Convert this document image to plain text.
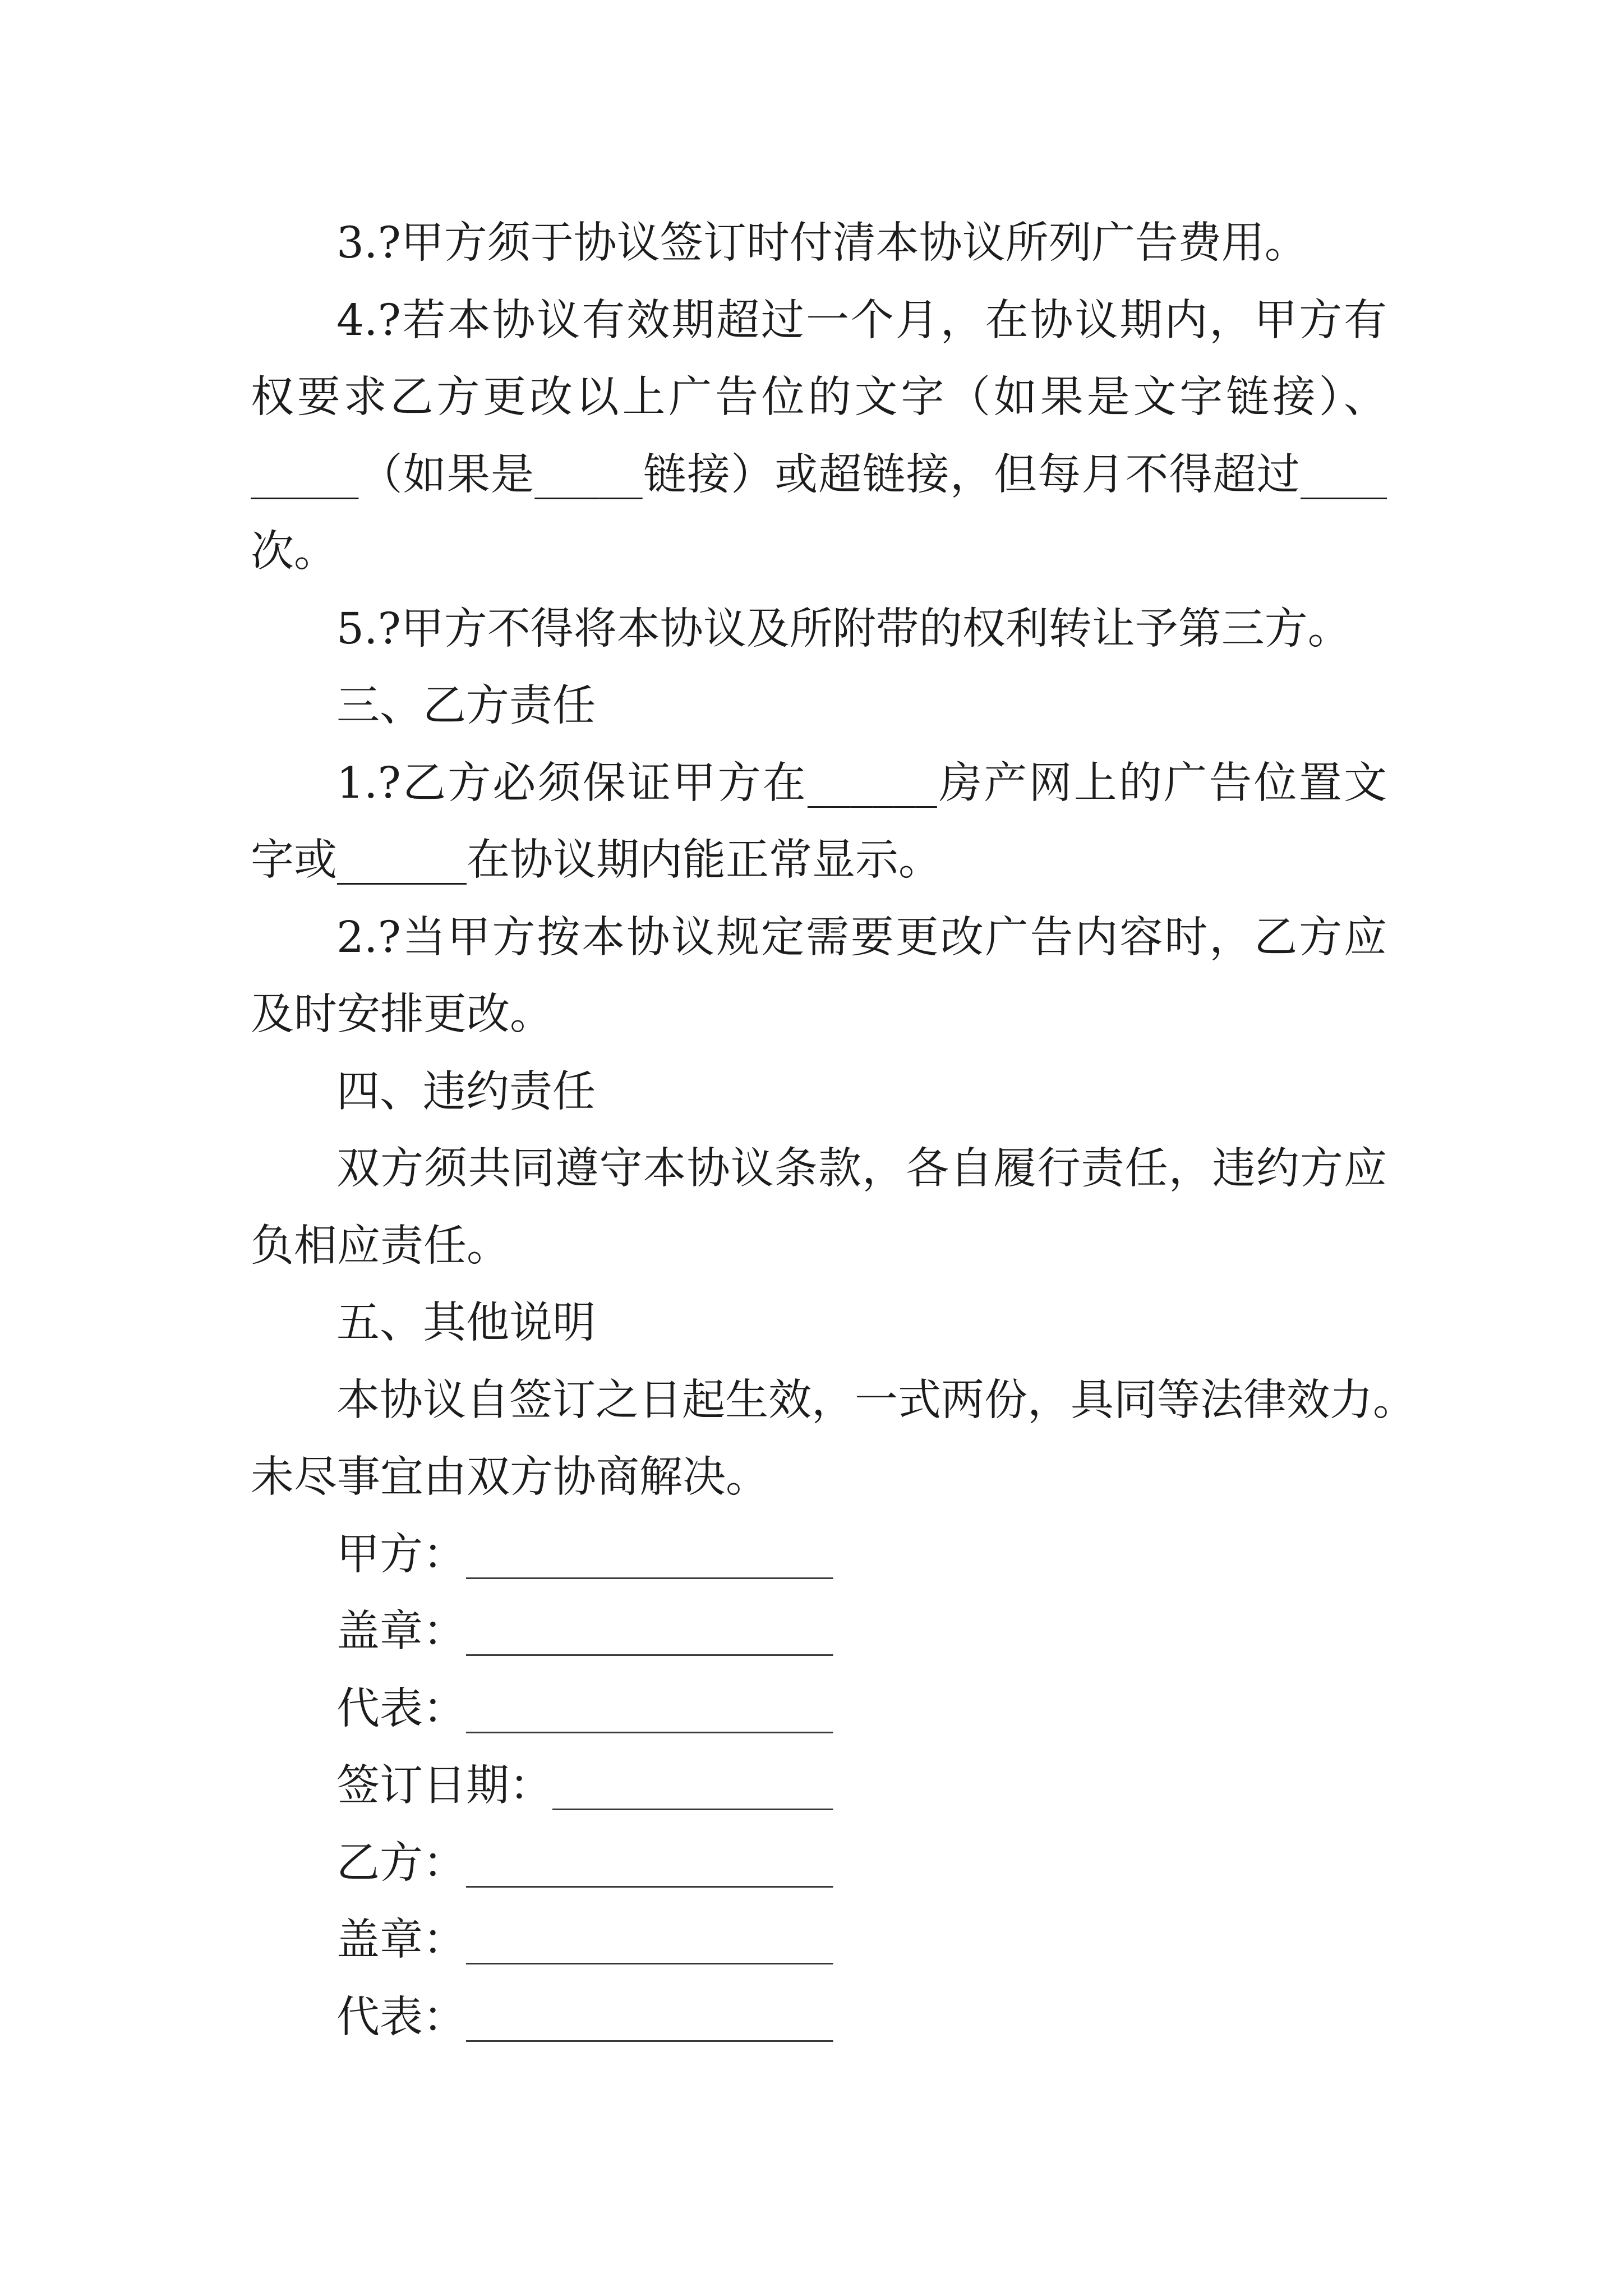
3.?甲方须于协议签订时付清本协议所列广告费用。
4.?若本协议有效期超过一个月，在协议期内，甲方有
权要求乙方更改以上广告位的文字（如果是文字链接）、
_____（如果是_____链接）或超链接，但每月不得超过____
次。
5.?甲方不得将本协议及所附带的权利转让予第三方。
三、乙方责任
1.?乙方必须保证甲方在______房产网上的广告位置文
字或______在协议期内能正常显示。
2.?当甲方按本协议规定需要更改广告内容时，乙方应
及时安排更改。
四、违约责任
双方须共同遵守本协议条款，各自履行责任，违约方应
负相应责任。
五、其他说明
本协议自签订之日起生效，一式两份，具同等法律效力。
未尽事宜由双方协商解决。
甲方：_________________
盖章：_________________
代表：_________________
签订日期：_____________
乙方：_________________
盖章：_________________
代表：_________________
